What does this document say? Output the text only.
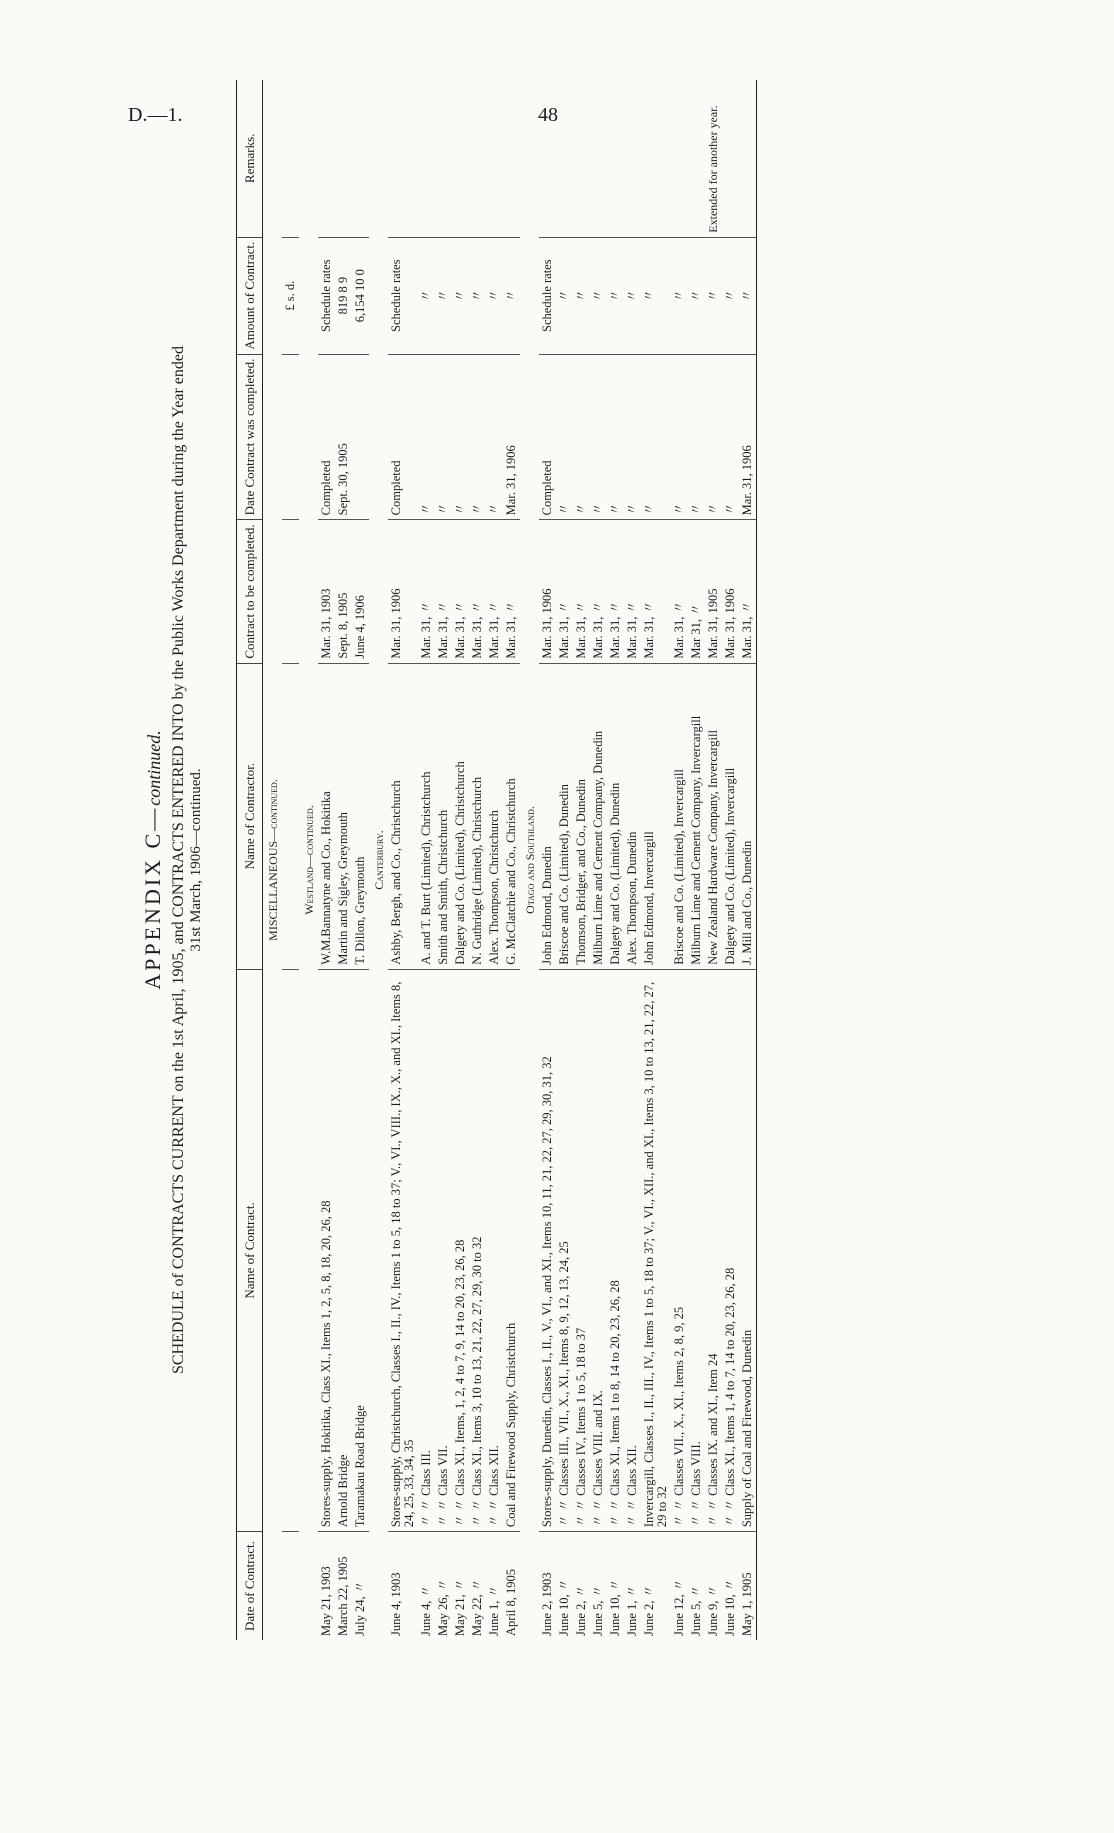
D.—1.	48
APPENDIX C—continued. SCHEDULE of CONTRACTS CURRENT on the 1st April, 1905, and CONTRACTS ENTERED INTO by the Public Works Department during the Year ended 31st March, 1906—continued.
Date of Contract.	Name of Contract.	Name of Contractor.	Contract to be completed.	Date Contract was completed.	Amount of Contract.	Remarks.
MISCELLANEOUS—continued.						
					£ s. d.	
Westland—continued.						
May 21, 1903	Stores-supply, Hokitika, Class XI., Items 1, 2, 5, 8, 18, 20, 26, 28	W.M.Bannatyne and Co., Hokitika	Mar. 31, 1903	Completed	Schedule rates	
March 22, 1905	Arnold Bridge	Martin and Sigley, Greymouth	Sept. 8, 1905	Sept. 30, 1905	819 8 9	
July 24, 〃	Taramakau Road Bridge	T. Dillon, Greymouth	June 4, 1906		6,154 10 0	
Canterbury.						
June 4, 1903	Stores-supply, Christchurch, Classes I., II., IV., Items 1 to 5, 18 to 37; V., VI., VIII., IX., X., and XI., Items 8, 24, 25, 33, 34, 35	Ashby, Bergh, and Co., Christchurch	Mar. 31, 1906	Completed	Schedule rates	
June 4, 〃	〃 〃 Class III.	A. and T. Burt (Limited), Christchurch	Mar. 31, 〃	〃	〃	
May 26, 〃	〃 〃 Class VII.	Smith and Smith, Christchurch	Mar. 31, 〃	〃	〃	
May 21, 〃	〃 〃 Class XI., Items, 1, 2, 4 to 7, 9, 14 to 20, 23, 26, 28	Dalgety and Co. (Limited), Christchurch	Mar. 31, 〃	〃	〃	
May 22, 〃	〃 〃 Class XI., Items 3, 10 to 13, 21, 22, 27, 29, 30 to 32	N. Guthridge (Limited), Christchurch	Mar. 31, 〃	〃	〃	
June 1, 〃	〃 〃 Class XII.	Alex. Thompson, Christchurch	Mar. 31, 〃	〃	〃	
April 8, 1905	Coal and Firewood Supply, Christchurch	G. McClatchie and Co., Christchurch	Mar. 31, 〃	Mar. 31, 1906	〃	
Otago and Southland.						
June 2, 1903	Stores-supply, Dunedin, Classes I., II., V., VI., and XI., Items 10, 11, 21, 22, 27, 29, 30, 31, 32	John Edmond, Dunedin	Mar. 31, 1906	Completed	Schedule rates	
June 10, 〃	〃 〃 Classes III., VII., X., XI., Items 8, 9, 12, 13, 24, 25	Briscoe and Co. (Limited), Dunedin	Mar. 31, 〃	〃	〃	
June 2, 〃	〃 〃 Classes IV., Items 1 to 5, 18 to 37	Thomson, Bridger, and Co., Dunedin	Mar. 31, 〃	〃	〃	
June 5, 〃	〃 〃 Classes VIII. and IX.	Milburn Lime and Cement Company, Dunedin	Mar. 31, 〃	〃	〃	
June 10, 〃	〃 〃 Class XI., Items 1 to 8, 14 to 20, 23, 26, 28	Dalgety and Co. (Limited), Dunedin	Mar. 31, 〃	〃	〃	
June 1, 〃	〃 〃 Class XII.	Alex. Thompson, Dunedin	Mar. 31, 〃	〃	〃	
June 2, 〃	Invercargill, Classes I., II., III., IV., Items 1 to 5, 18 to 37; V., VI., XII., and XI., Items 3, 10 to 13, 21, 22, 27, 29 to 32	John Edmond, Invercargill	Mar. 31, 〃	〃	〃	
June 12, 〃	〃 〃 Classes VII., X., XI., Items 2, 8, 9, 25	Briscoe and Co. (Limited), Invercargill	Mar. 31, 〃	〃	〃	
June 5, 〃	〃 〃 Class VIII.	Milburn Lime and Cement Company, Invercargill	Mar 31, 〃	〃	〃	
June 9, 〃	〃 〃 Classes IX. and XI., Item 24	New Zealand Hardware Company, Invercargill	Mar. 31, 1905	〃	〃	Extended for another year.
June 10, 〃	〃 〃 Class XI., Items 1, 4 to 7, 14 to 20, 23, 26, 28	Dalgety and Co. (Limited), Invercargill	Mar. 31, 1906	〃	〃	
May 1, 1905	Supply of Coal and Firewood, Dunedin	J. Mill and Co., Dunedin	Mar. 31, 〃	Mar. 31, 1906	〃	
